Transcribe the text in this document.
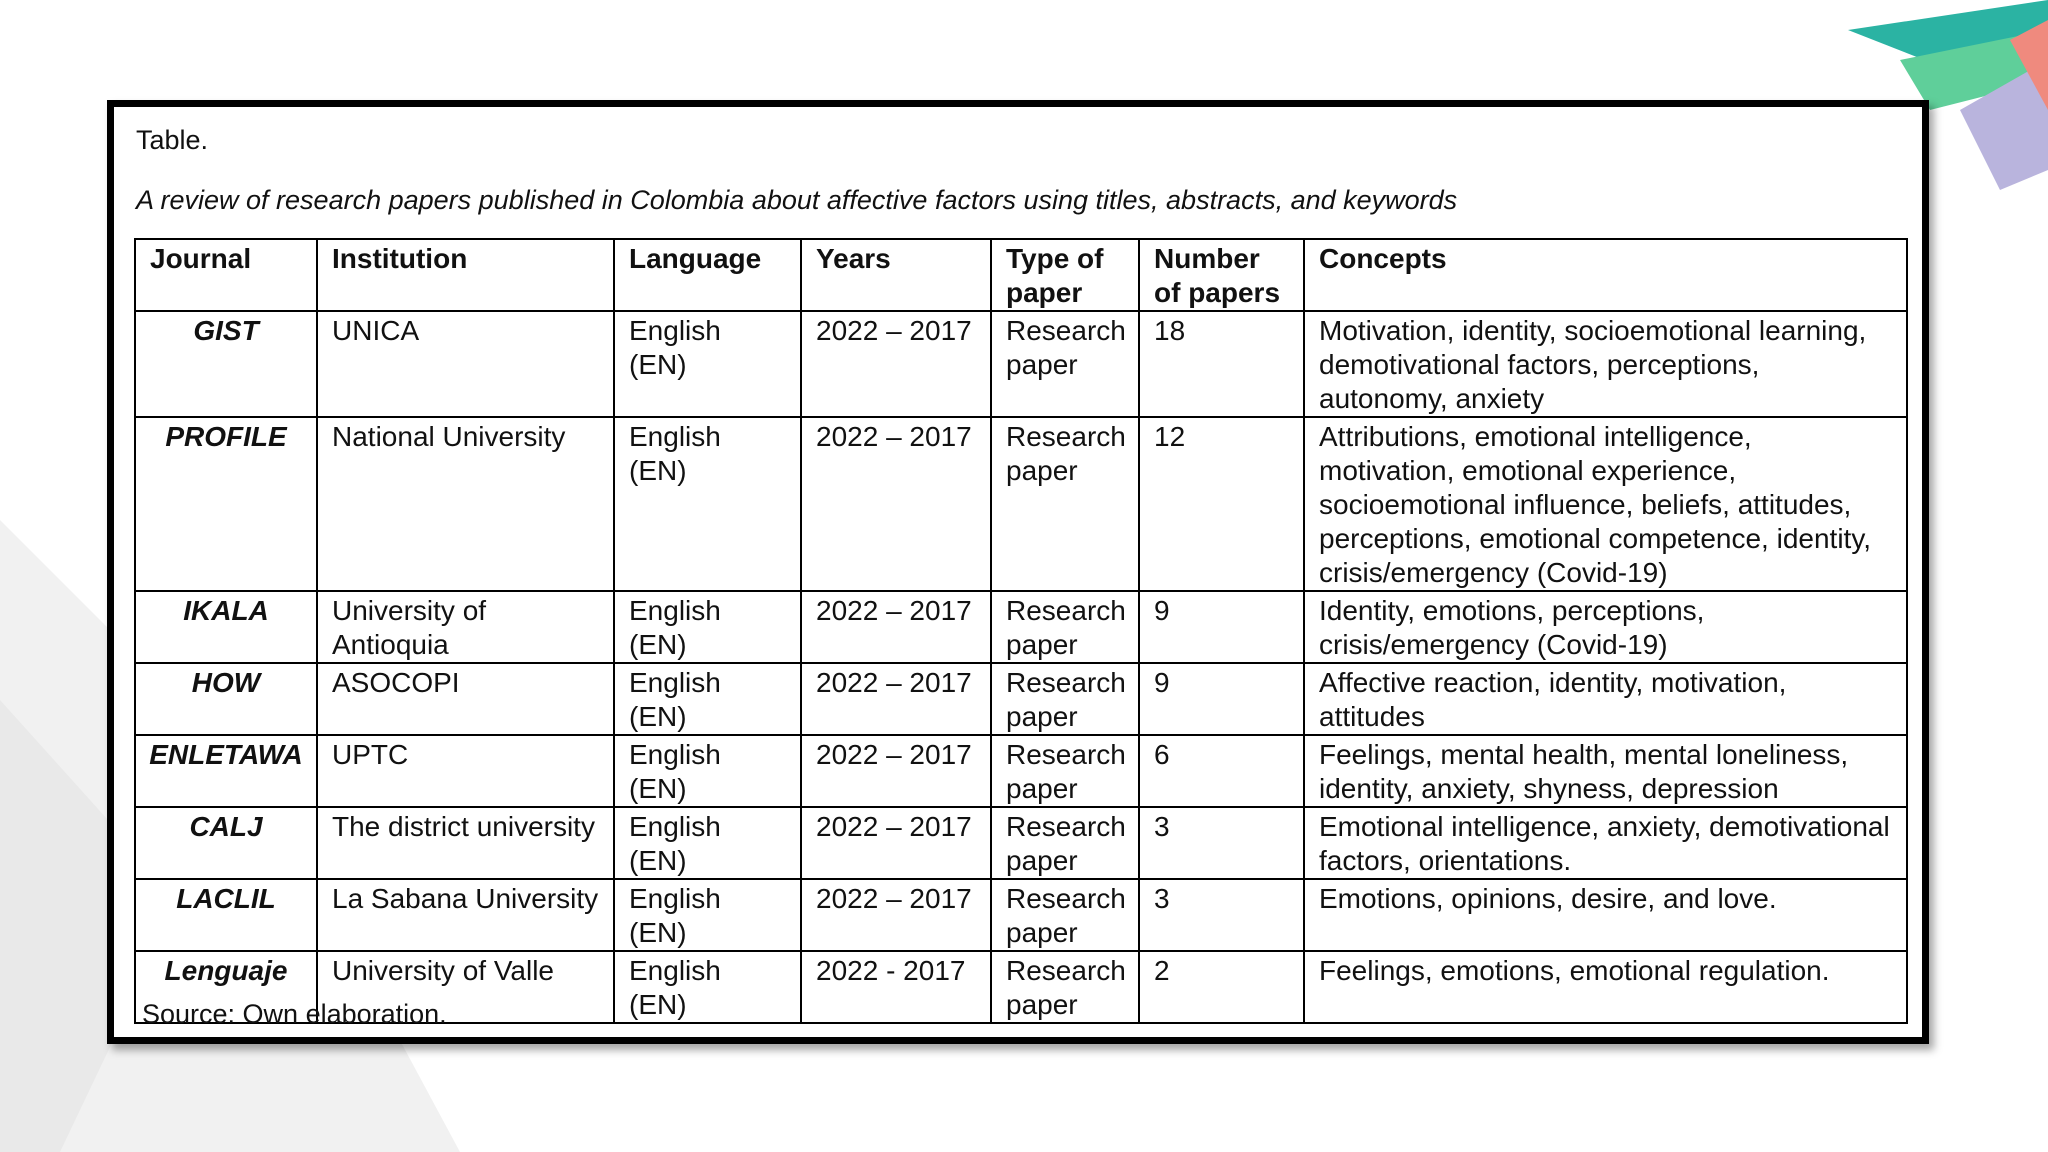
Table.
A review of research papers published in Colombia about affective factors using titles, abstracts, and keywords
Journal	Institution	Language	Years	Type of paper	Number of papers	Concepts
GIST	UNICA	English (EN)	2022 – 2017	Research paper	18	Motivation, identity, socioemotional learning, demotivational factors, perceptions, autonomy, anxiety
PROFILE	National University	English (EN)	2022 – 2017	Research paper	12	Attributions, emotional intelligence, motivation, emotional experience, socioemotional influence, beliefs, attitudes, perceptions, emotional competence, identity, crisis/emergency (Covid-19)
IKALA	University of Antioquia	English (EN)	2022 – 2017	Research paper	9	Identity, emotions, perceptions, crisis/emergency (Covid-19)
HOW	ASOCOPI	English (EN)	2022 – 2017	Research paper	9	Affective reaction, identity, motivation, attitudes
ENLETAWA	UPTC	English (EN)	2022 – 2017	Research paper	6	Feelings, mental health, mental loneliness, identity, anxiety, shyness, depression
CALJ	The district university	English (EN)	2022 – 2017	Research paper	3	Emotional intelligence, anxiety, demotivational factors, orientations.
LACLIL	La Sabana University	English (EN)	2022 – 2017	Research paper	3	Emotions, opinions, desire, and love.
Lenguaje	University of Valle	English (EN)	2022 - 2017	Research paper	2	Feelings, emotions, emotional regulation.
Source: Own elaboration.
